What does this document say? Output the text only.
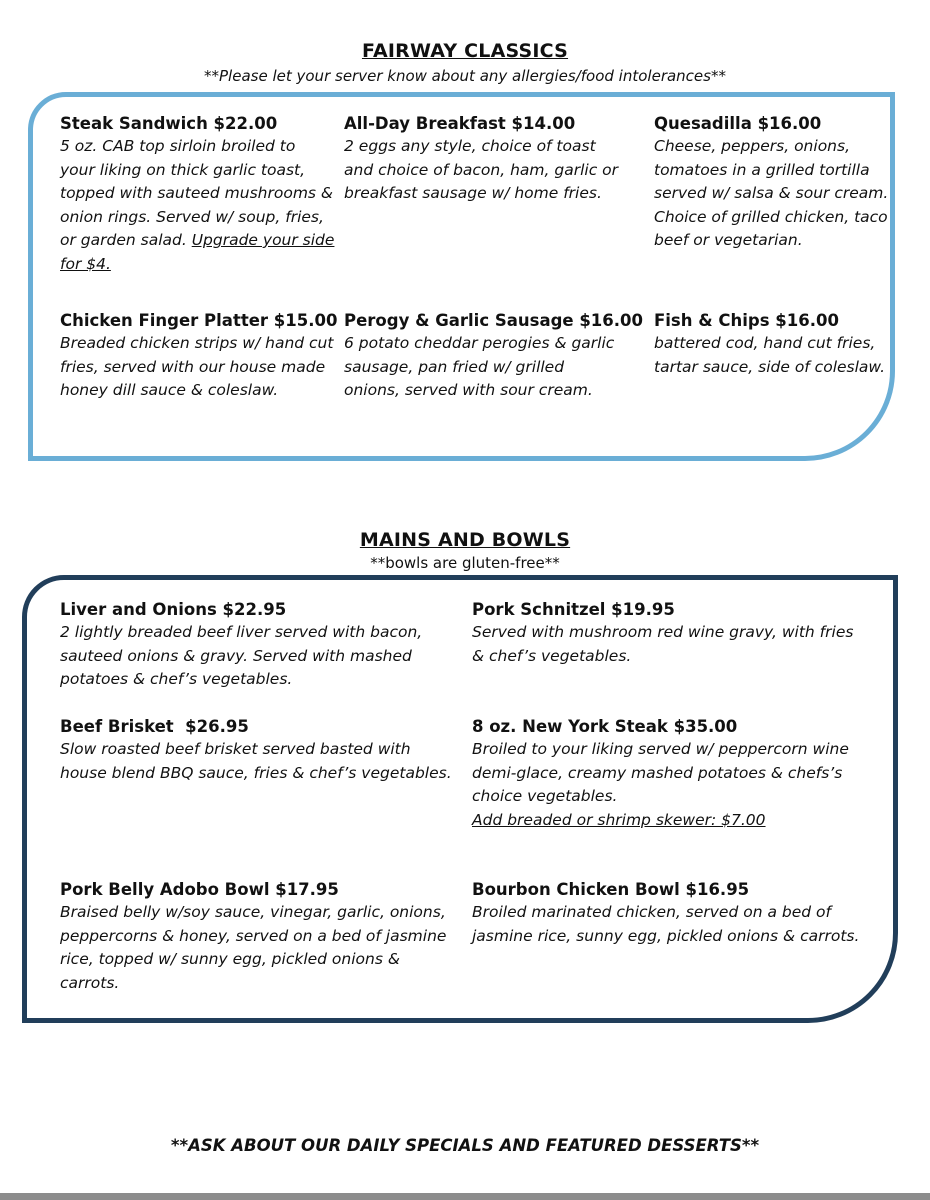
FAIRWAY CLASSICS
**Please let your server know about any allergies/food intolerances**
Steak Sandwich $22.00
5 oz. CAB top sirloin broiled to your liking on thick garlic toast, topped with sauteed mushrooms & onion rings. Served w/ soup, fries, or garden salad. Upgrade your side for $4.
All-Day Breakfast $14.00
2 eggs any style, choice of toast and choice of bacon, ham, garlic or breakfast sausage w/ home fries.
Quesadilla $16.00
Cheese, peppers, onions, tomatoes in a grilled tortilla served w/ salsa & sour cream. Choice of grilled chicken, taco beef or vegetarian.
Chicken Finger Platter $15.00
Breaded chicken strips w/ hand cut fries, served with our house made honey dill sauce & coleslaw.
Perogy & Garlic Sausage $16.00
6 potato cheddar perogies & garlic sausage, pan fried w/ grilled onions, served with sour cream.
Fish & Chips $16.00
battered cod, hand cut fries, tartar sauce, side of coleslaw.
MAINS AND BOWLS
**bowls are gluten-free**
Liver and Onions $22.95
2 lightly breaded beef liver served with bacon, sauteed onions & gravy. Served with mashed potatoes & chef’s vegetables.
Pork Schnitzel $19.95
Served with mushroom red wine gravy, with fries & chef’s vegetables.
Beef Brisket  $26.95
Slow roasted beef brisket served basted with house blend BBQ sauce, fries & chef’s vegetables.
8 oz. New York Steak $35.00
Broiled to your liking served w/ peppercorn wine demi-glace, creamy mashed potatoes & chefs’s choice vegetables.
Add breaded or shrimp skewer: $7.00
Pork Belly Adobo Bowl $17.95
Braised belly w/soy sauce, vinegar, garlic, onions, peppercorns & honey, served on a bed of jasmine rice, topped w/ sunny egg, pickled onions & carrots.
Bourbon Chicken Bowl $16.95
Broiled marinated chicken, served on a bed of jasmine rice, sunny egg, pickled onions & carrots.
**ASK ABOUT OUR DAILY SPECIALS AND FEATURED DESSERTS**
